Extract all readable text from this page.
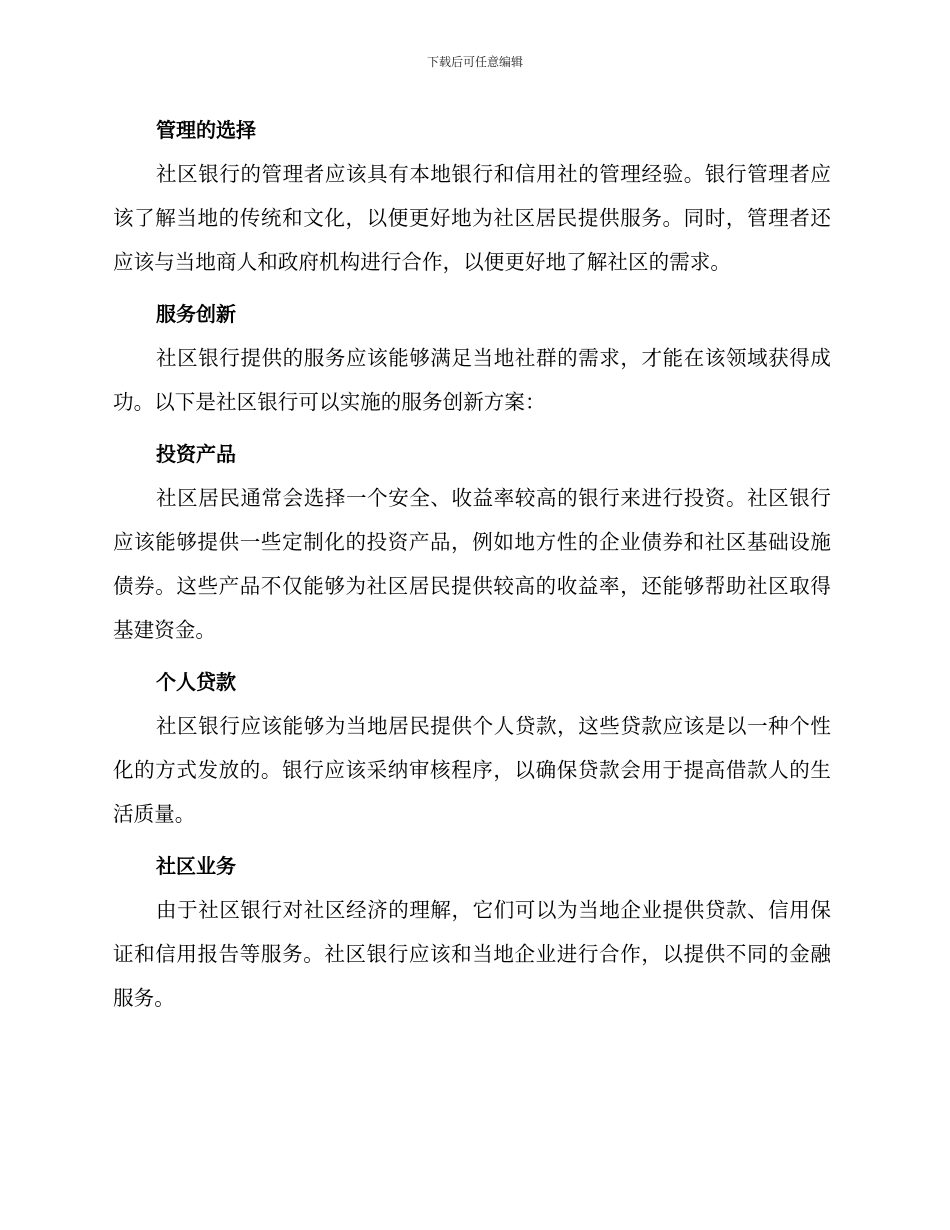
下载后可任意编辑
管理的选择

社区银行的管理者应该具有本地银行和信用社的管理经验。银行管理者应该了解当地的传统和文化，以便更好地为社区居民提供服务。同时，管理者还应该与当地商人和政府机构进行合作，以便更好地了解社区的需求。

服务创新

社区银行提供的服务应该能够满足当地社群的需求，才能在该领域获得成功。以下是社区银行可以实施的服务创新方案：

投资产品

社区居民通常会选择一个安全、收益率较高的银行来进行投资。社区银行应该能够提供一些定制化的投资产品，例如地方性的企业债券和社区基础设施债券。这些产品不仅能够为社区居民提供较高的收益率，还能够帮助社区取得基建资金。

个人贷款

社区银行应该能够为当地居民提供个人贷款，这些贷款应该是以一种个性化的方式发放的。银行应该采纳审核程序，以确保贷款会用于提高借款人的生活质量。

社区业务

由于社区银行对社区经济的理解，它们可以为当地企业提供贷款、信用保证和信用报告等服务。社区银行应该和当地企业进行合作，以提供不同的金融服务。
